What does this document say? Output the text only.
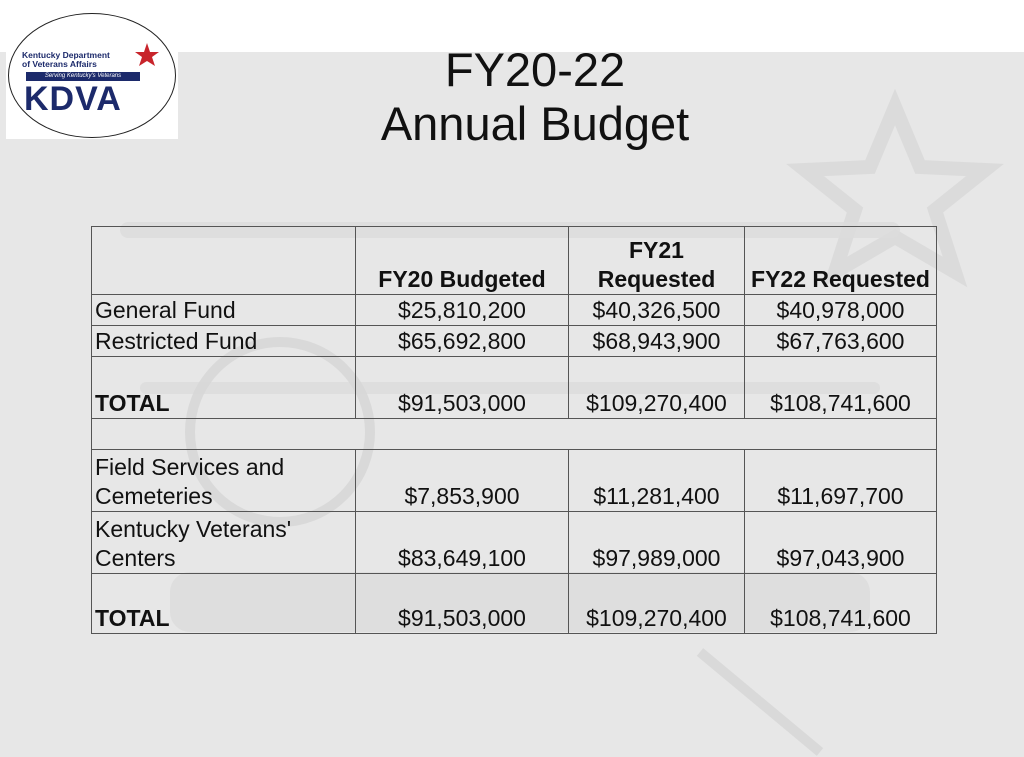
Kentucky Department
of Veterans Affairs
Serving Kentucky's Veterans
KDVA
FY20-22
Annual Budget
	FY20 Budgeted	FY21 Requested	FY22 Requested
General Fund	$25,810,200	$40,326,500	$40,978,000
Restricted Fund	$65,692,800	$68,943,900	$67,763,600
TOTAL	$91,503,000	$109,270,400	$108,741,600

Field Services and Cemeteries	$7,853,900	$11,281,400	$11,697,700
Kentucky Veterans' Centers	$83,649,100	$97,989,000	$97,043,900
TOTAL	$91,503,000	$109,270,400	$108,741,600
